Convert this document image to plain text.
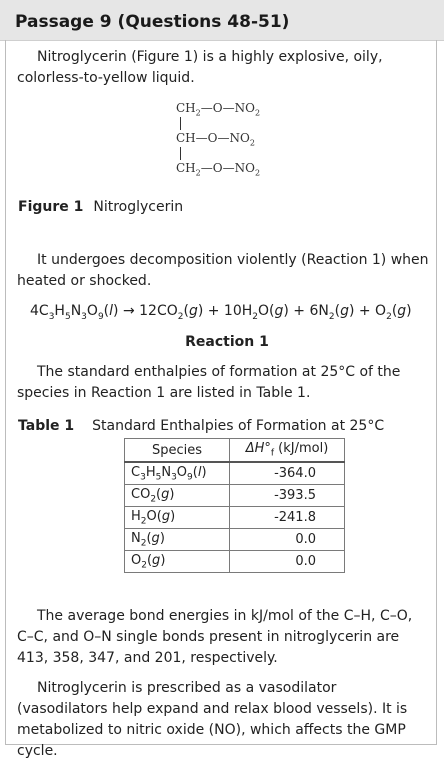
Passage 9 (Questions 48-51)

Nitroglycerin (Figure 1) is a highly explosive, oily, colorless-to-yellow liquid.

$CH_2—O—NO_2$
$CH—O—NO_2$
$CH_2—O—NO_2$
Figure 1 Nitroglycerin

It undergoes decomposition violently (Reaction 1) when heated or shocked.

$4C_3H_5N_3O_9(l) \to 12CO_2(g) + 10H_2O(g) + 6N_2(g) + O_2(g)$
Reaction 1

The standard enthalpies of formation at 25°C of the species in Reaction 1 are listed in Table 1.

Table 1 Standard Enthalpies of Formation at 25°C
Species	$\Delta H^\circ_f$ (kJ/mol)
$C_3H_5N_3O_9(l)$	-364.0
$CO_2(g)$	-393.5
$H_2O(g)$	-241.8
$N_2(g)$	0.0
$O_2(g)$	0.0

The average bond energies in kJ/mol of the C–H, C–O, C–C, and O–N single bonds present in nitroglycerin are 413, 358, 347, and 201, respectively.

Nitroglycerin is prescribed as a vasodilator (vasodilators help expand and relax blood vessels). It is metabolized to nitric oxide (NO), which affects the GMP cycle.
